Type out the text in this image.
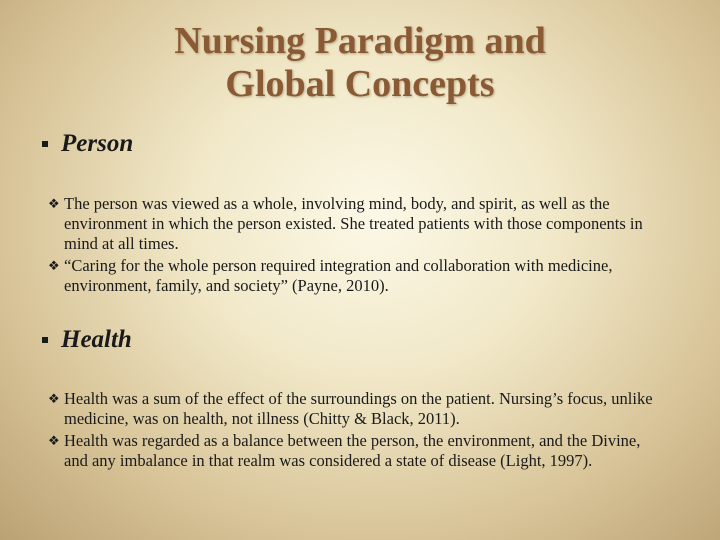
Nursing Paradigm and
Global Concepts
Person
❖ The person was viewed as a whole, involving mind, body, and spirit, as well as the environment in which the person existed. She treated patients with those components in mind at all times.
❖ “Caring for the whole person required integration and collaboration with medicine, environment, family, and society” (Payne, 2010).
Health
❖ Health was a sum of the effect of the surroundings on the patient. Nursing’s focus, unlike medicine, was on health, not illness (Chitty & Black, 2011).
❖ Health was regarded as a balance between the person, the environment, and the Divine, and any imbalance in that realm was considered a state of disease (Light, 1997).
